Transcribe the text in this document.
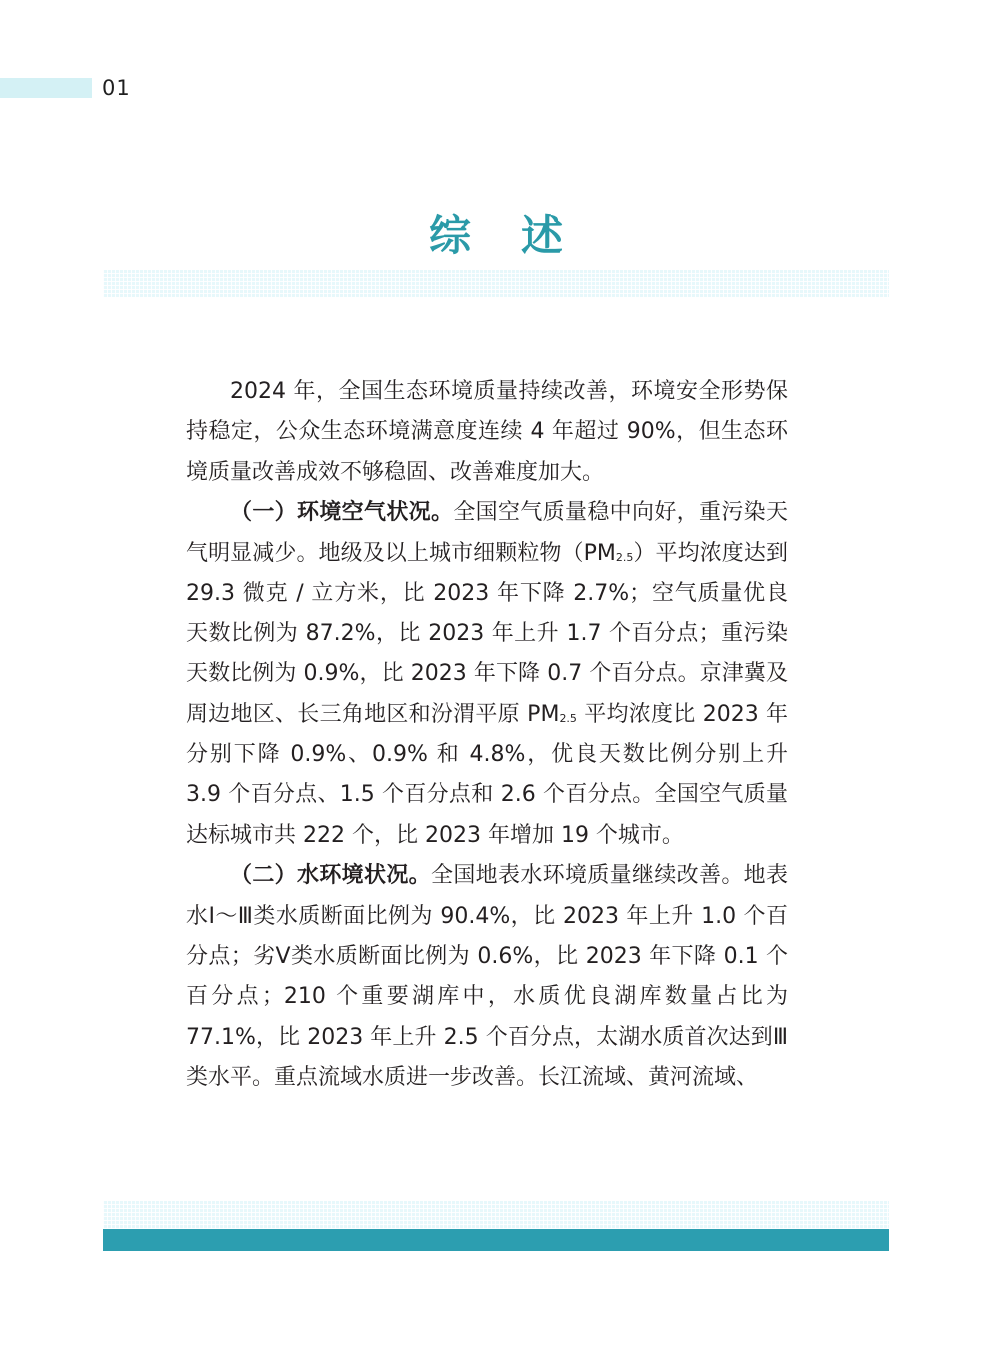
01
综述

2024 年，全国生态环境质量持续改善，环境安全形势保持稳定，公众生态环境满意度连续 4 年超过 90%，但生态环境质量改善成效不够稳固、改善难度加大。

（一）环境空气状况。全国空气质量稳中向好，重污染天气明显减少。地级及以上城市细颗粒物$(PM_{2.5})$平均浓度达到 29.3 微克 / 立方米，比 2023 年下降 2.7%；空气质量优良天数比例为 87.2%，比 2023 年上升 1.7 个百分点；重污染天数比例为 0.9%，比 2023 年下降 0.7 个百分点。京津冀及周边地区、长三角地区和汾渭平原 $PM_{2.5}$ 平均浓度比 2023 年分别下降 0.9%、0.9% 和 4.8%，优良天数比例分别上升 3.9 个百分点、1.5 个百分点和 2.6 个百分点。全国空气质量达标城市共 222 个，比 2023 年增加 19 个城市。

（二）水环境状况。全国地表水环境质量继续改善。地表水Ⅰ～Ⅲ类水质断面比例为 90.4%，比 2023 年上升 1.0 个百分点；劣Ⅴ类水质断面比例为 0.6%，比 2023 年下降 0.1 个百分点；210 个重要湖库中，水质优良湖库数量占比为 77.1%，比 2023 年上升 2.5 个百分点，太湖水质首次达到Ⅲ类水平。重点流域水质进一步改善。长江流域、黄河流域、
